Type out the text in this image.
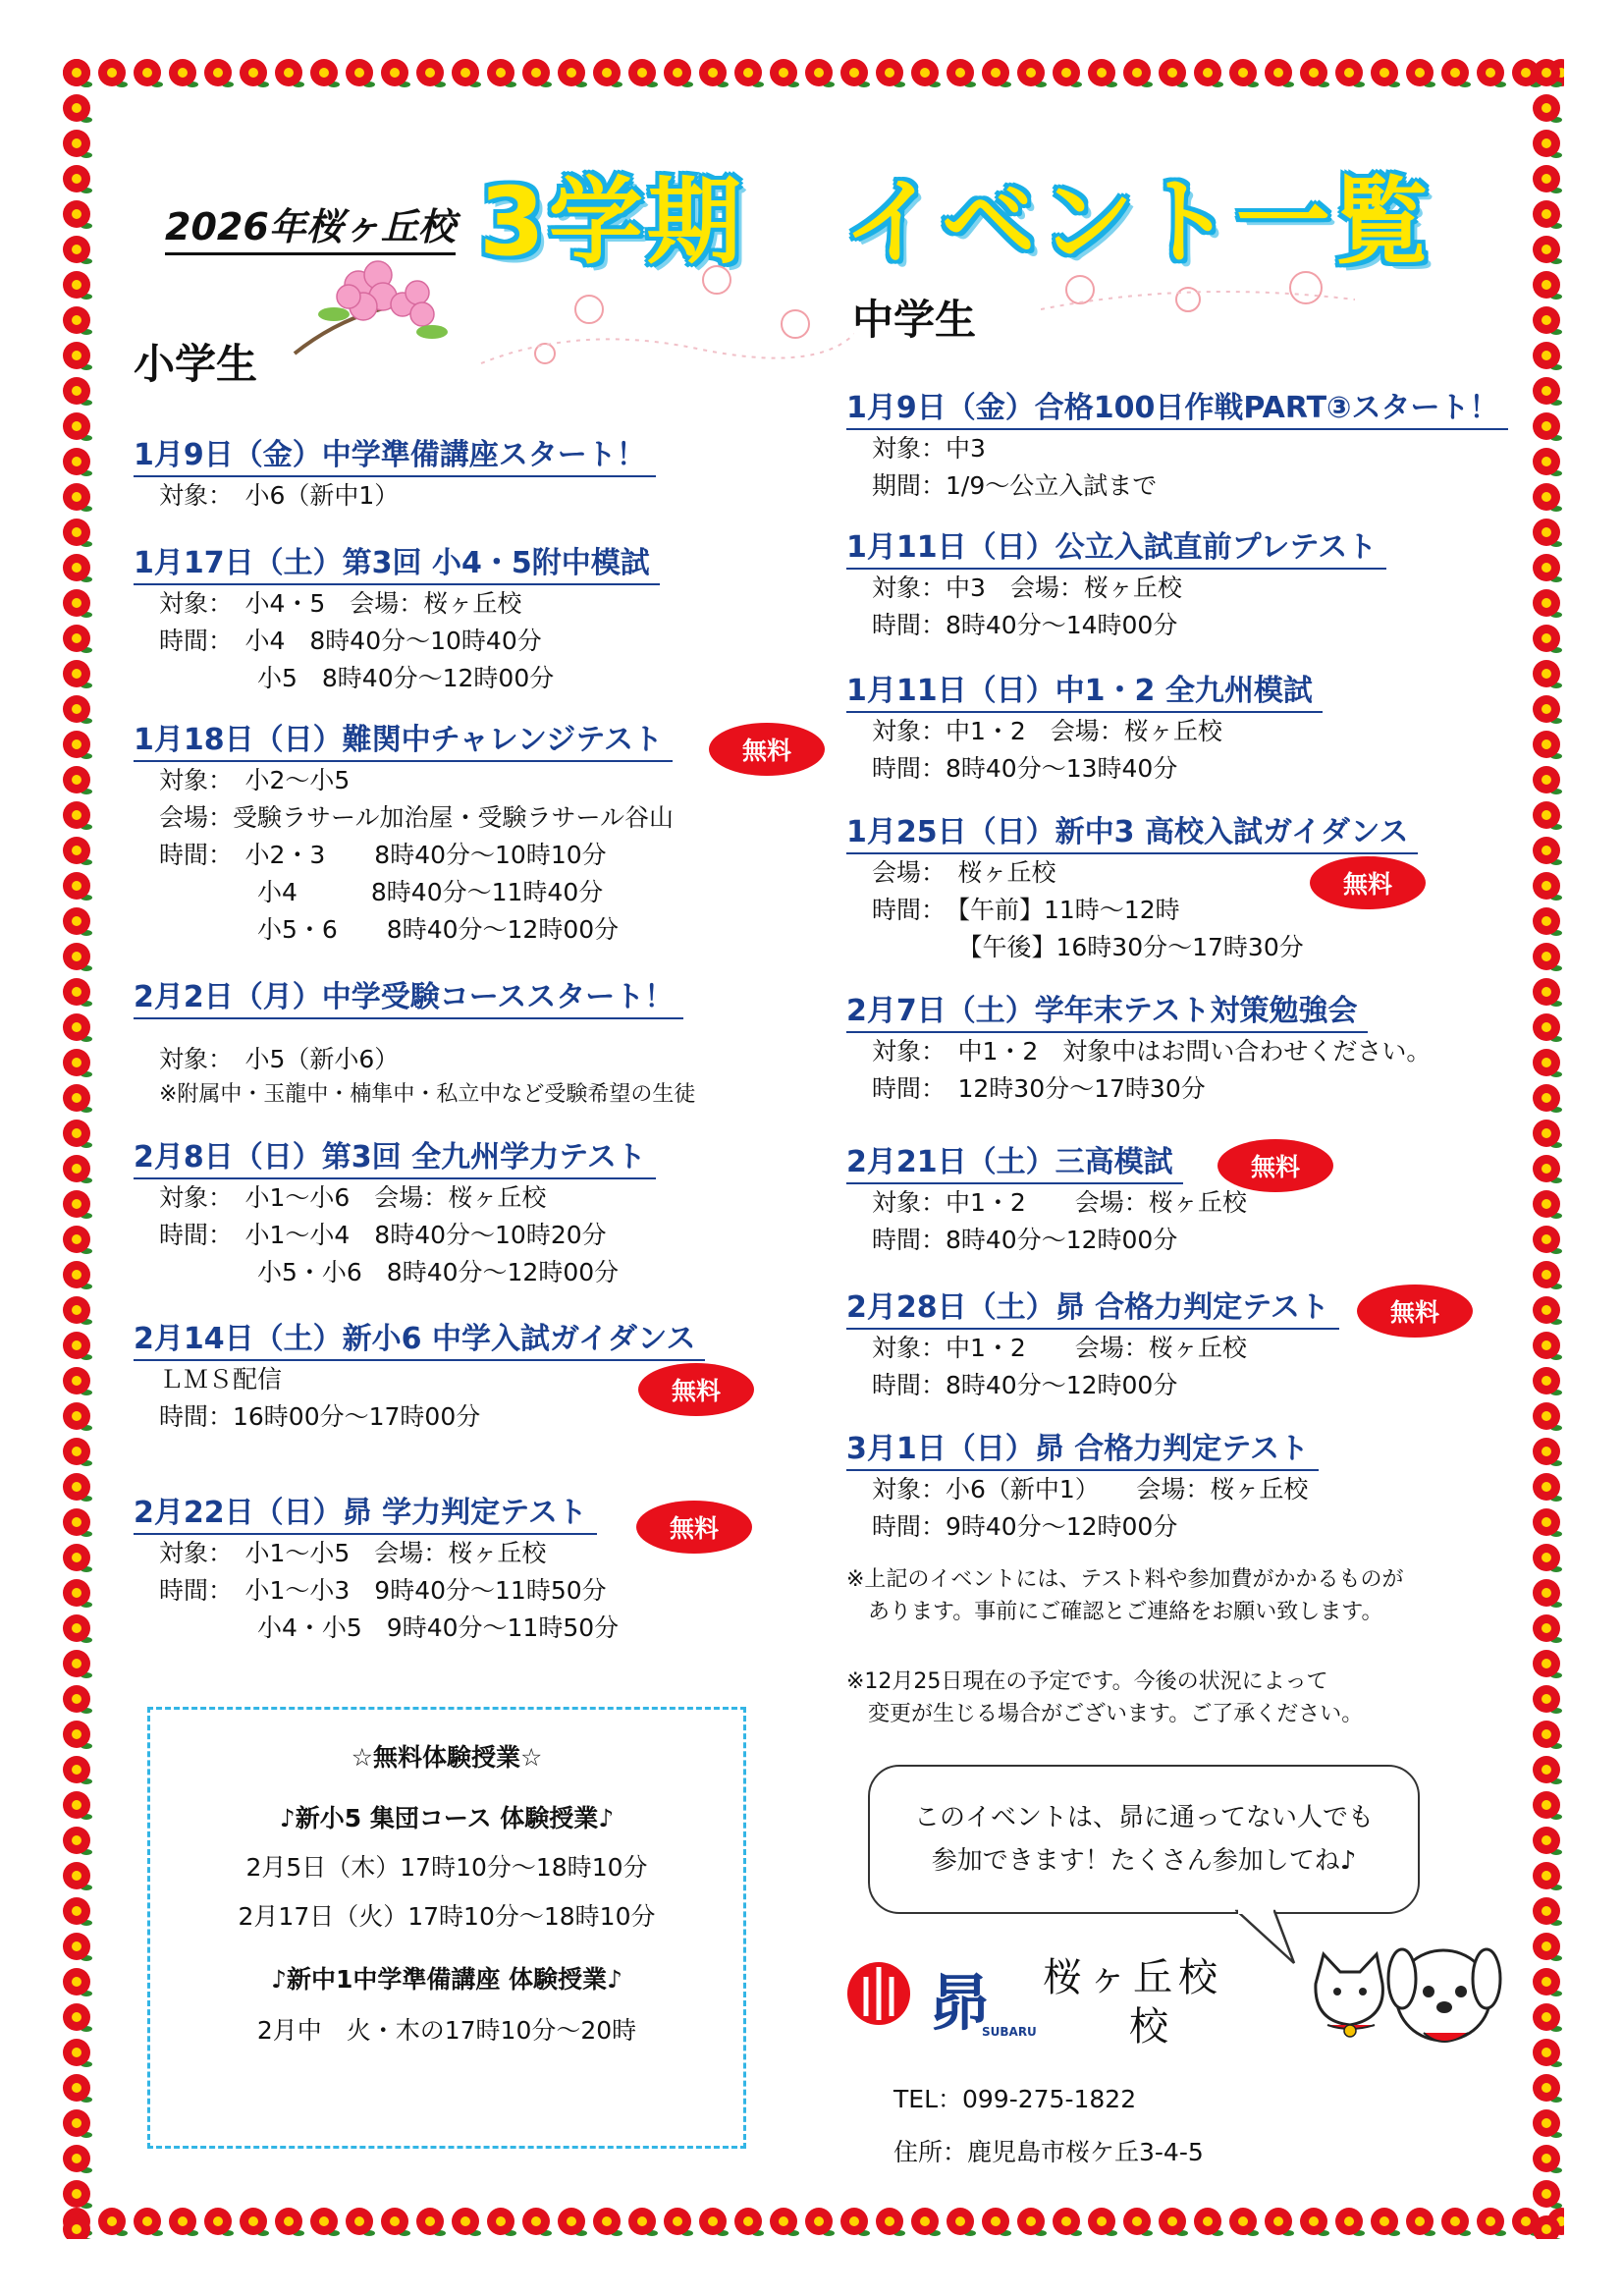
2026年桜ヶ丘校 3学期　イベント一覧
小学生
中学生
1月9日（金）中学準備講座スタート！
対象：　小6（新中1）
1月17日（土）第3回 小4・5附中模試
対象：　小4・5　会場：桜ヶ丘校
時間：　小4　8時40分～10時40分
　　　　小5　8時40分～12時00分
1月18日（日）難関中チャレンジテスト
対象：　小2～小5
会場：受験ラサール加治屋・受験ラサール谷山
時間：　小2・3　　8時40分～10時10分
　　　　小4　　　8時40分～11時40分
　　　　小5・6　　8時40分～12時00分
2月2日（月）中学受験コーススタート！
対象：　小5（新小6）
※附属中・玉龍中・楠隼中・私立中など受験希望の生徒
2月8日（日）第3回 全九州学力テスト
対象：　小1～小6　会場：桜ヶ丘校
時間：　小1～小4　8時40分～10時20分
　　　　小5・小6　8時40分～12時00分
2月14日（土）新小6 中学入試ガイダンス
ＬＭＳ配信
時間：16時00分～17時00分
2月22日（日）昴 学力判定テスト
対象：　小1～小5　会場：桜ヶ丘校
時間：　小1～小3　9時40分～11時50分
　　　　小4・小5　9時40分～11時50分
1月9日（金）合格100日作戦PART③スタート！
対象：中3
期間：1/9～公立入試まで
1月11日（日）公立入試直前プレテスト
対象：中3　会場：桜ヶ丘校
時間：8時40分～14時00分
1月11日（日）中1・2 全九州模試
対象：中1・2　会場：桜ヶ丘校
時間：8時40分～13時40分
1月25日（日）新中3 高校入試ガイダンス
会場：　桜ヶ丘校
時間：　【午前】11時～12時
　　　　【午後】16時30分～17時30分
2月7日（土）学年末テスト対策勉強会
対象：　中1・2　対象中はお問い合わせください。
時間：　12時30分～17時30分
2月21日（土）三高模試
対象：中1・2　　会場：桜ヶ丘校
時間：8時40分～12時00分
2月28日（土）昴 合格力判定テスト
対象：中1・2　　会場：桜ヶ丘校
時間：8時40分～12時00分
3月1日（日）昴 合格力判定テスト
対象：小6（新中1）　　会場：桜ヶ丘校
時間：9時40分～12時00分
※上記のイベントには、テスト料や参加費がかかるものが
　あります。事前にご確認とご連絡をお願い致します。
※12月25日現在の予定です。今後の状況によって
　変更が生じる場合がございます。ご了承ください。
☆無料体験授業☆
♪新小5 集団コース 体験授業♪
2月5日（木）17時10分～18時10分
2月17日（火）17時10分～18時10分
♪新中1中学準備講座 体験授業♪
2月中　火・木の17時10分～20時
このイベントは、昴に通ってない人でも
参加できます！たくさん参加してね♪
昴
SUBARU
桜ヶ丘校
校
TEL：099-275-1822
住所：鹿児島市桜ケ丘3-4-5
無料
無料
無料
無料
無料
無料
